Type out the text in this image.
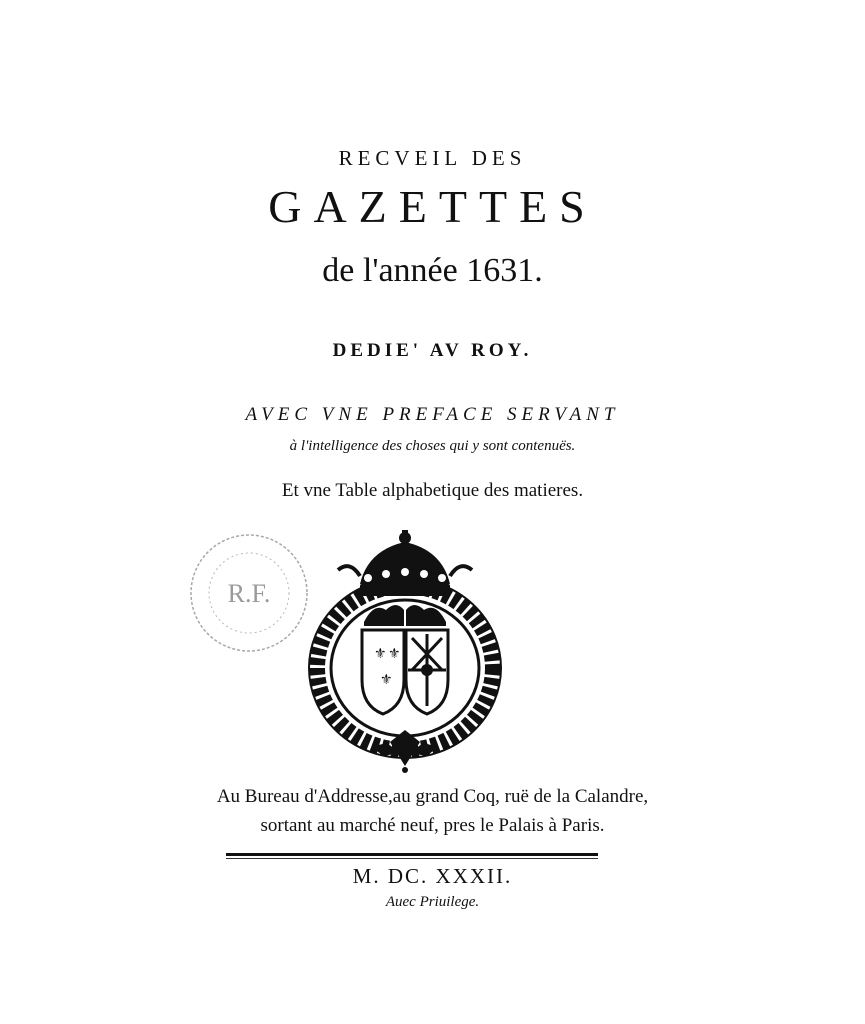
RECVEIL DES
GAZETTES
de l'année 1631.
DEDIE' AV ROY.
AVEC VNE PREFACE SERVANT
à l'intelligence des choses qui y sont contenuës.
Et vne Table alphabetique des matieres.
R.F.
⚜ ⚜
⚜
Au Bureau d'Addresse,au grand Coq, ruë de la Calandre,
sortant au marché neuf, pres le Palais à Paris.
M. DC. XXXII.
Auec Priuilege.
